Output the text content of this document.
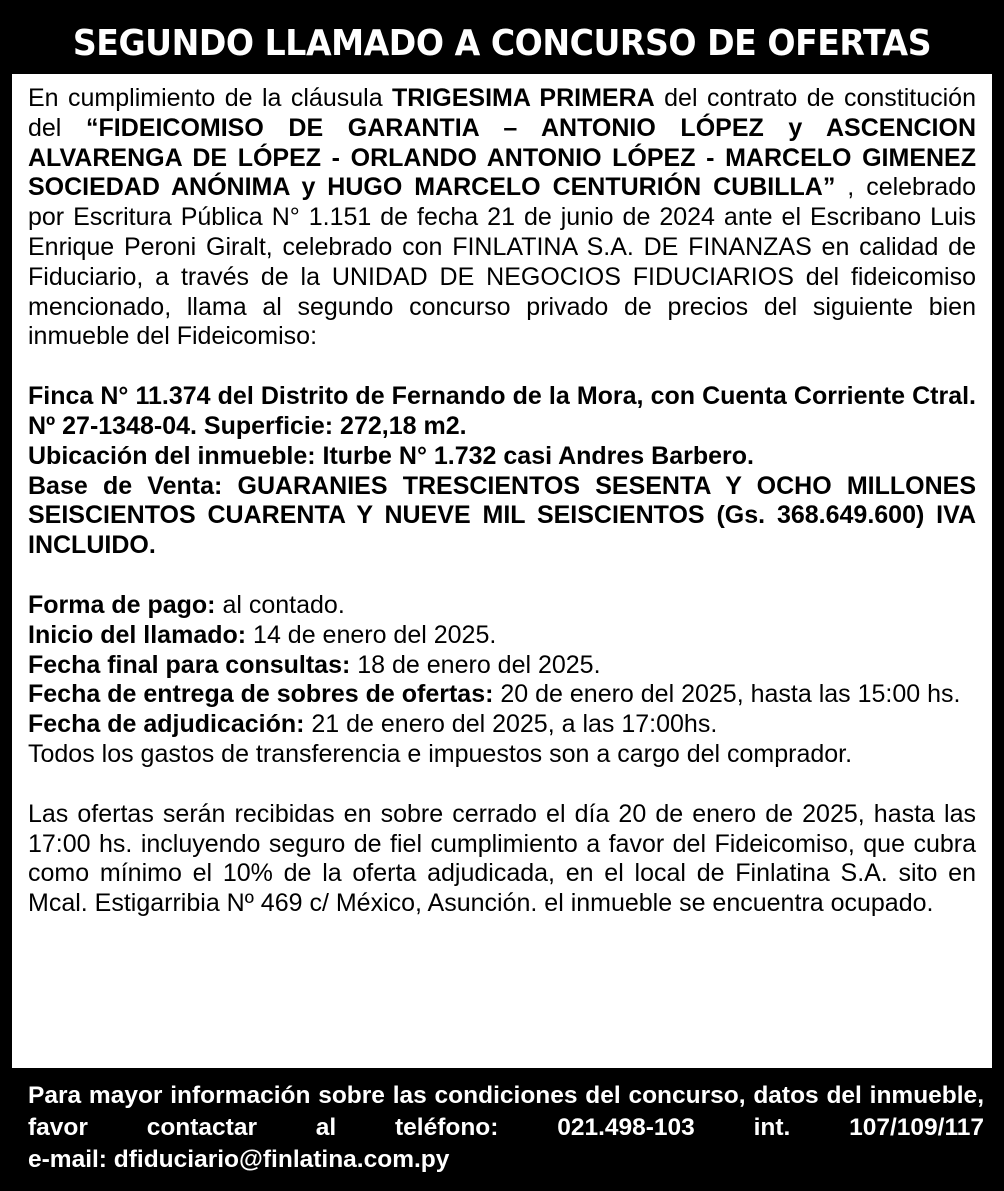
SEGUNDO LLAMADO A CONCURSO DE OFERTAS

En cumplimiento de la cláusula TRIGESIMA PRIMERA del contrato de constitución del “FIDEICOMISO DE GARANTIA – ANTONIO LÓPEZ y ASCENCION ALVARENGA DE LÓPEZ - ORLANDO ANTONIO LÓPEZ - MARCELO GIMENEZ SOCIEDAD ANÓNIMA y HUGO MARCELO CENTURIÓN CUBILLA” , celebrado por Escritura Pública N° 1.151 de fecha 21 de junio de 2024 ante el Escribano Luis Enrique Peroni Giralt, celebrado con FINLATINA S.A. DE FINANZAS en calidad de Fiduciario, a través de la UNIDAD DE NEGOCIOS FIDUCIARIOS del fideicomiso mencionado, llama al segundo concurso privado de precios del siguiente bien inmueble del Fideicomiso:

Finca N° 11.374 del Distrito de Fernando de la Mora, con Cuenta Corriente Ctral. Nº 27-1348-04. Superficie: 272,18 m2.

Ubicación del inmueble: Iturbe N° 1.732 casi Andres Barbero.

Base de Venta: GUARANIES TRESCIENTOS SESENTA Y OCHO MILLONES SEISCIENTOS CUARENTA Y NUEVE MIL SEISCIENTOS (Gs. 368.649.600) IVA INCLUIDO.

Forma de pago: al contado.

Inicio del llamado: 14 de enero del 2025.

Fecha final para consultas: 18 de enero del 2025.

Fecha de entrega de sobres de ofertas: 20 de enero del 2025, hasta las 15:00 hs.

Fecha de adjudicación: 21 de enero del 2025, a las 17:00hs.

Todos los gastos de transferencia e impuestos son a cargo del comprador.

Las ofertas serán recibidas en sobre cerrado el día 20 de enero de 2025, hasta las 17:00 hs. incluyendo seguro de fiel cumplimiento a favor del Fideicomiso, que cubra como mínimo el 10% de la oferta adjudicada, en el local de Finlatina S.A. sito en Mcal. Estigarribia Nº 469 c/ México, Asunción. el inmueble se encuentra ocupado.

Para mayor información sobre las condiciones del concurso, datos del inmueble, favor contactar al teléfono: 021.498-103 int. 107/109/117
e-mail: dfiduciario@finlatina.com.py
